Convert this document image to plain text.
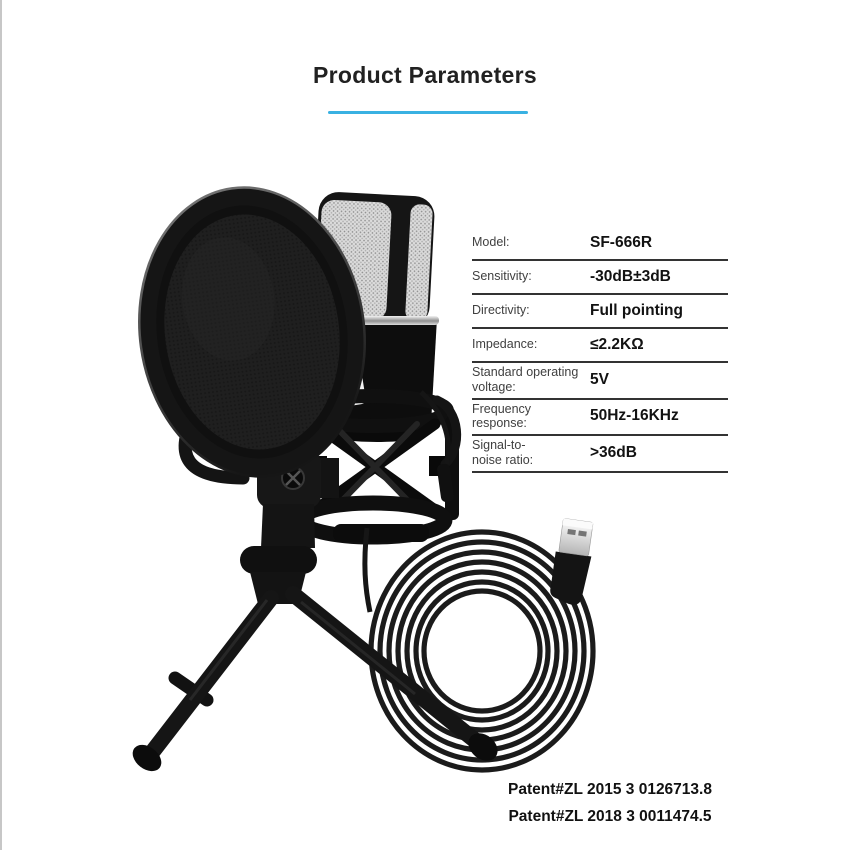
Product Parameters
Model:	SF-666R
Sensitivity:	-30dB±3dB
Directivity:	Full pointing
Impedance:	≤2.2KΩ
Standard operating voltage:	5V
Frequency response:	50Hz-16KHz
Signal-to-noise ratio:	>36dB
Patent#ZL 2015 3 0126713.8
Patent#ZL 2018 3 0011474.5
